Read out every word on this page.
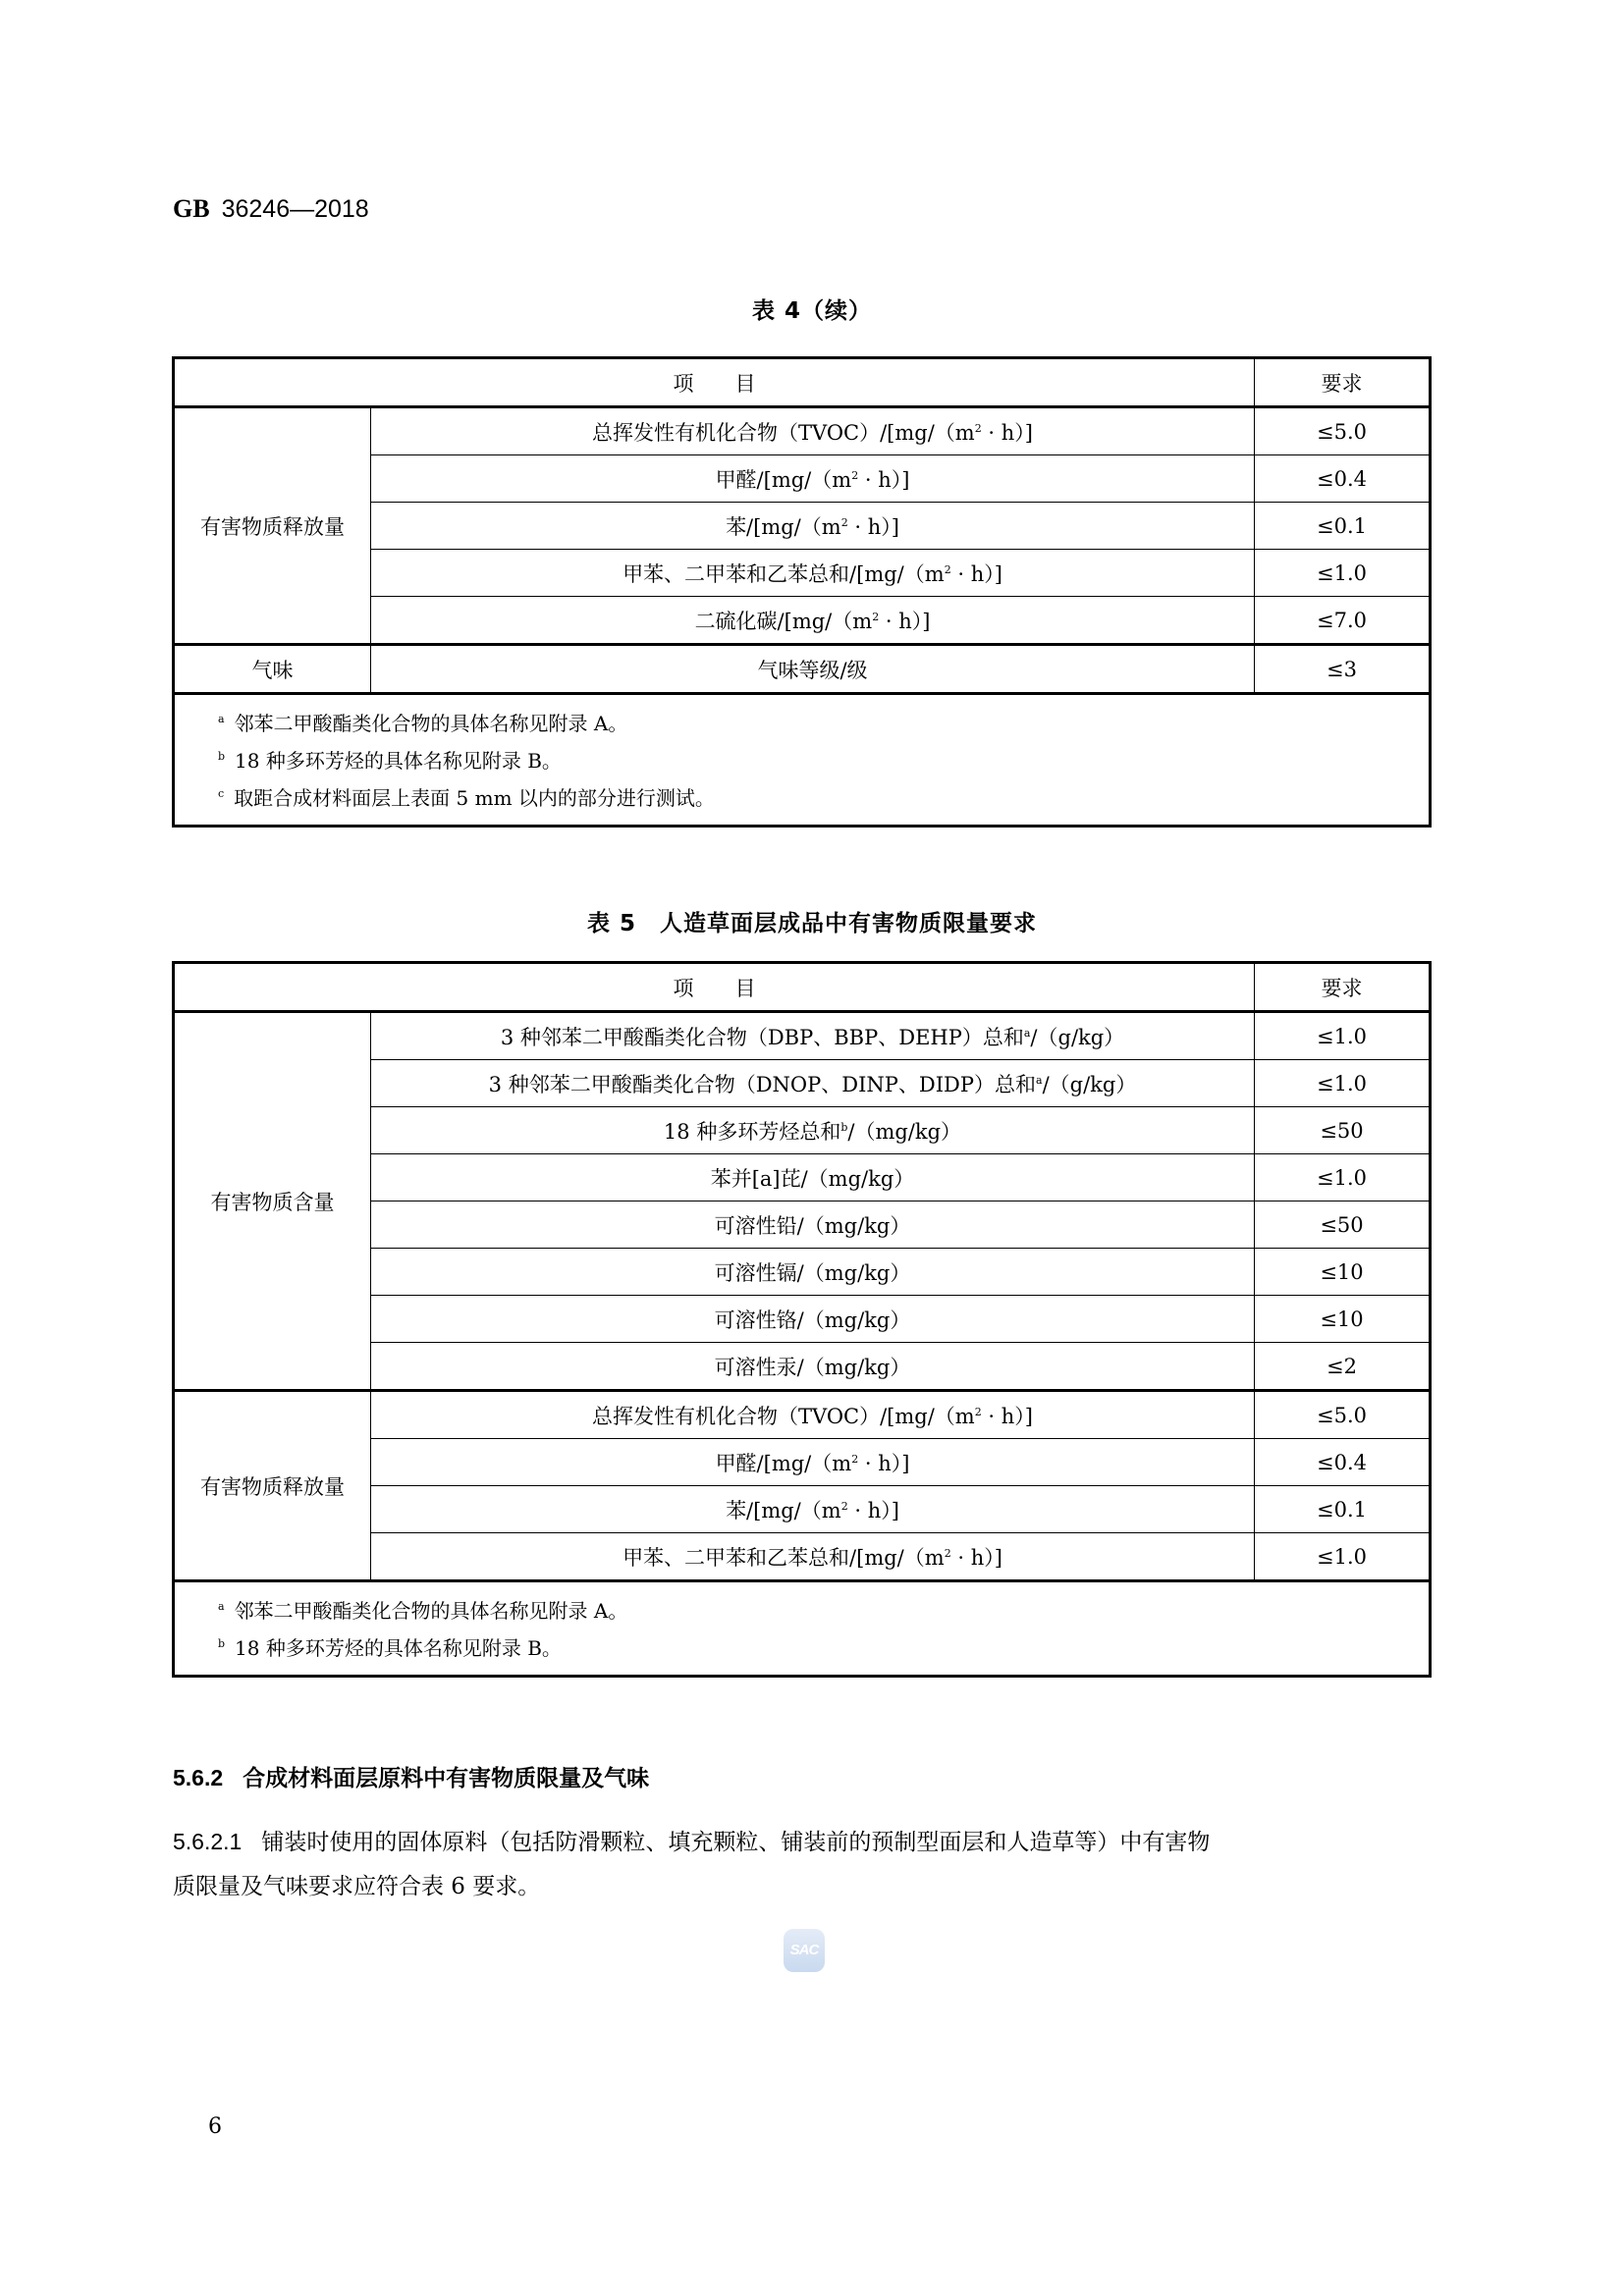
GB 36246—2018
表 4（续）
项　　目		要求
有害物质释放量	总挥发性有机化合物$(TVOC)/[mg/(m^2 \cdot h)]$	≤5.0
	甲醛$/[mg/(m^2 \cdot h)]$	≤0.4
	苯$/[mg/(m^2 \cdot h)]$	≤0.1
	甲苯、二甲苯和乙苯总和$/[mg/(m^2 \cdot h)]$	≤1.0
	二硫化碳$/[mg/(m^2 \cdot h)]$	≤7.0
气味	气味等级/级	≤3

$^a$ 邻苯二甲酸酯类化合物的具体名称见附录 A。
$^b$ 18 种多环芳烃的具体名称见附录 B。
$^c$ 取距合成材料面层上表面 5 mm 以内的部分进行测试。		
表 5　人造草面层成品中有害物质限量要求
项　　目		要求
有害物质含量	3 种邻苯二甲酸酯类化合物（DBP、BBP、DEHP）总和$^a$/（g/kg）	≤1.0
	3 种邻苯二甲酸酯类化合物（DNOP、DINP、DIDP）总和$^a$/（g/kg）	≤1.0
	18 种多环芳烃总和$^b$/（mg/kg）	≤50
	苯并[a]芘/（mg/kg）	≤1.0
	可溶性铅/（mg/kg）	≤50
	可溶性镉/（mg/kg）	≤10
	可溶性铬/（mg/kg）	≤10
	可溶性汞/（mg/kg）	≤2
有害物质释放量	总挥发性有机化合物$(TVOC)/[mg/(m^2 \cdot h)]$	≤5.0
	甲醛$/[mg/(m^2 \cdot h)]$	≤0.4
	苯$/[mg/(m^2 \cdot h)]$	≤0.1
	甲苯、二甲苯和乙苯总和$/[mg/(m^2 \cdot h)]$	≤1.0

$^a$ 邻苯二甲酸酯类化合物的具体名称见附录 A。
$^b$ 18 种多环芳烃的具体名称见附录 B。		
5.6.2 合成材料面层原料中有害物质限量及气味
5.6.2.1 铺装时使用的固体原料（包括防滑颗粒、填充颗粒、铺装前的预制型面层和人造草等）中有害物
质限量及气味要求应符合表 6 要求。
SAC
6
